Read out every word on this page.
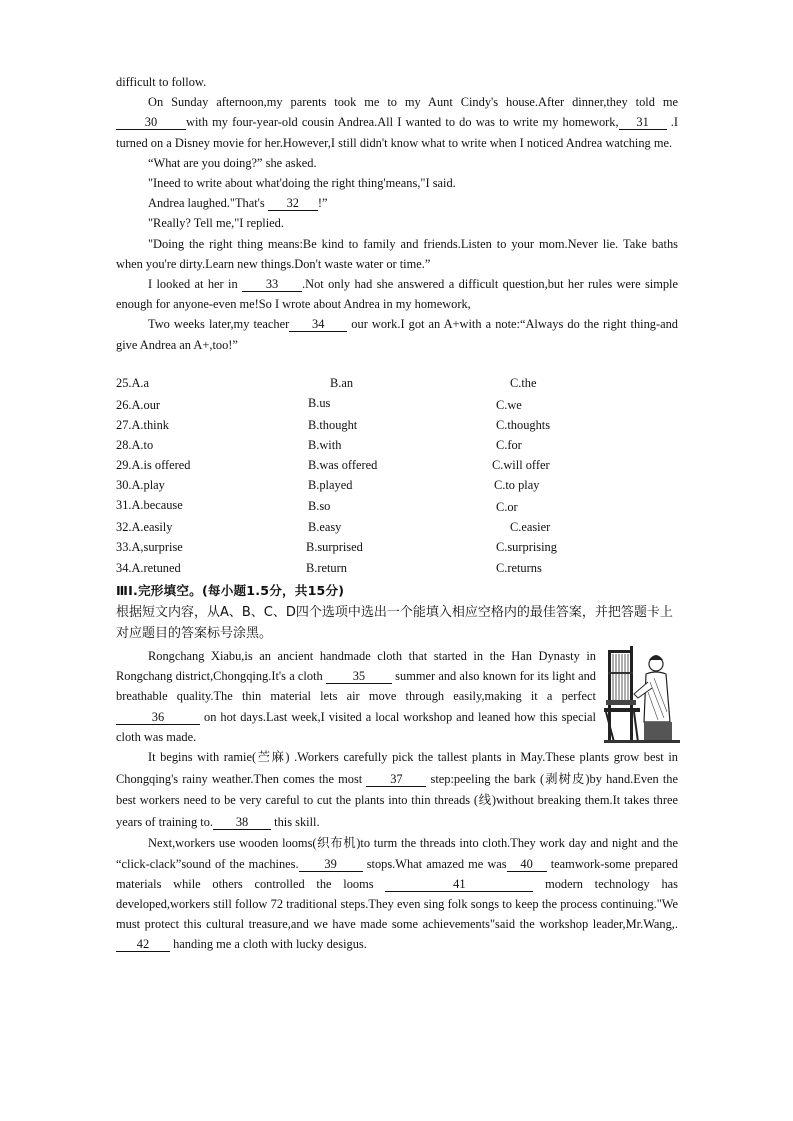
difficult to follow.

On Sunday afternoon,my parents took me to my Aunt Cindy's house.After dinner,they told me 30 with my four-year-old cousin Andrea.All I wanted to do was to write my homework, 31 .I turned on a Disney movie for her.However,I still didn't know what to write when I noticed Andrea watching me.

“What are you doing?” she asked.

"Ineed to write about what'doing the right thing'means,"I said.

Andrea laughed."That's 32 !”

"Really? Tell me,"I replied.

"Doing the right thing means:Be kind to family and friends.Listen to your mom.Never lie. Take baths when you're dirty.Learn new things.Don't waste water or time.”

I looked at her in 33 .Not only had she answered a difficult question,but her rules were simple enough for anyone-even me!So I wrote about Andrea in my homework,

Two weeks later,my teacher 34 our work.I got an A+with a note:“Always do the right thing-and give Andrea an A+,too!”

25.A.a	B.an	C.the
26.A.our	B.us	C.we
27.A.think	B.thought	C.thoughts
28.A.to	B.with	C.for
29.A.is offered	B.was offered	C.will offer
30.A.play	B.played	C.to play
31.A.because	B.so	C.or
32.A.easily	B.easy	C.easier
33.A,surprise	B.surprised	C.surprising
34.A.retuned	B.return	C.returns
ⅢI.完形填空。(每小题1.5分，共15分)
根据短文内容，从A、B、C、D四个选项中选出一个能填入相应空格内的最佳答案，并把答题卡上对应题目的答案标号涂黑。

Rongchang Xiabu,is an ancient handmade cloth that started in the Han Dynasty in Rongchang district,Chongqing.It's a cloth 35 summer and also known for its light and breathable quality.The thin material lets air move through easily,making it a perfect 36	on hot days.Last week,I visited a local workshop and leaned how this special cloth was made.

It begins with ramie(苎麻) .Workers carefully pick the tallest plants in May.These plants grow best in Chongqing's rainy weather.Then comes the most 37 step:peeling the bark (剥树皮)by hand.Even the best workers need to be very careful to cut the plants into thin threads (线)without breaking them.It takes three years of training to. 38 this skill.

Next,workers use wooden looms(织布机)to turm the threads into cloth.They work day and night and the “click-clack”sound of the machines. 39 stops.What amazed me was 40 teamwork-some prepared materials while others controlled the looms	41	modern technology has developed,workers still follow 72 traditional steps.They even sing folk songs to keep the process continuing."We must protect this cultural treasure,and we have made some achievements"said the workshop leader,Mr.Wang,.42 handing me a cloth with lucky desigus.
